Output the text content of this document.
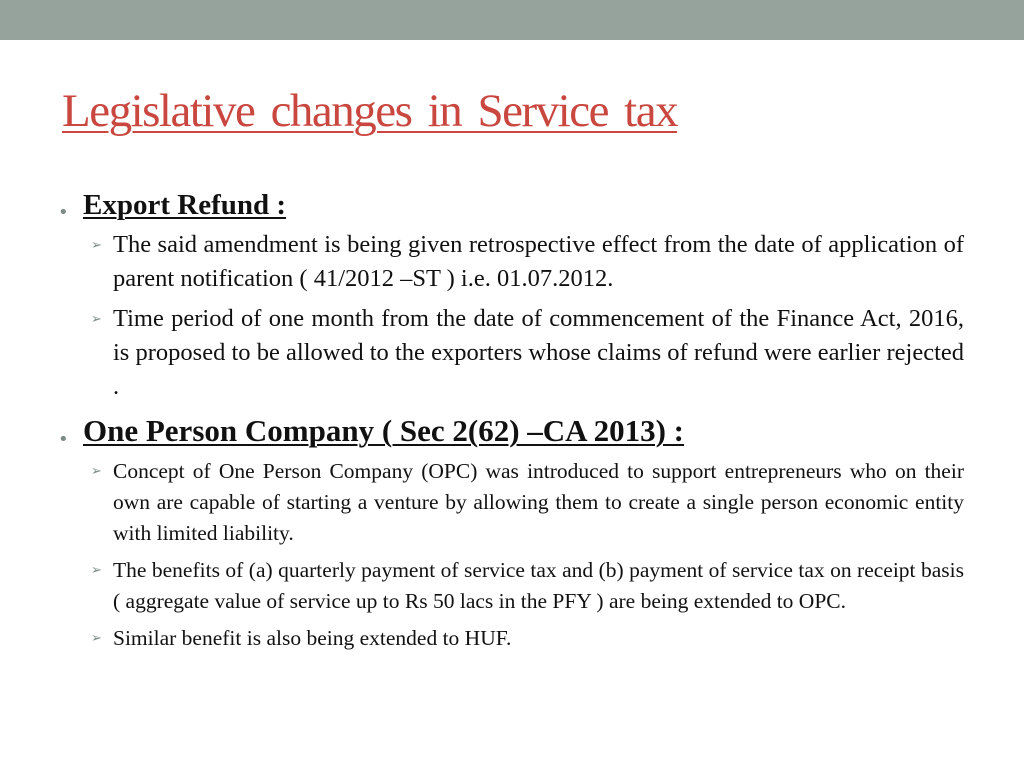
Legislative changes in Service tax
• Export Refund :
➢ The said amendment is being given retrospective effect from the date of application of parent notification ( 41/2012 –ST ) i.e. 01.07.2012.
➢ Time period of one month from the date of commencement of the Finance Act, 2016, is proposed to be allowed to the exporters whose claims of refund were earlier rejected .
• One Person Company ( Sec 2(62) –CA 2013) :
➢ Concept of One Person Company (OPC) was introduced to support entrepreneurs who on their own are capable of starting a venture by allowing them to create a single person economic entity with limited liability.
➢ The benefits of (a) quarterly payment of service tax and (b) payment of service tax on receipt basis ( aggregate value of service up to Rs 50 lacs in the PFY ) are being extended to OPC.
➢ Similar benefit is also being extended to HUF.
